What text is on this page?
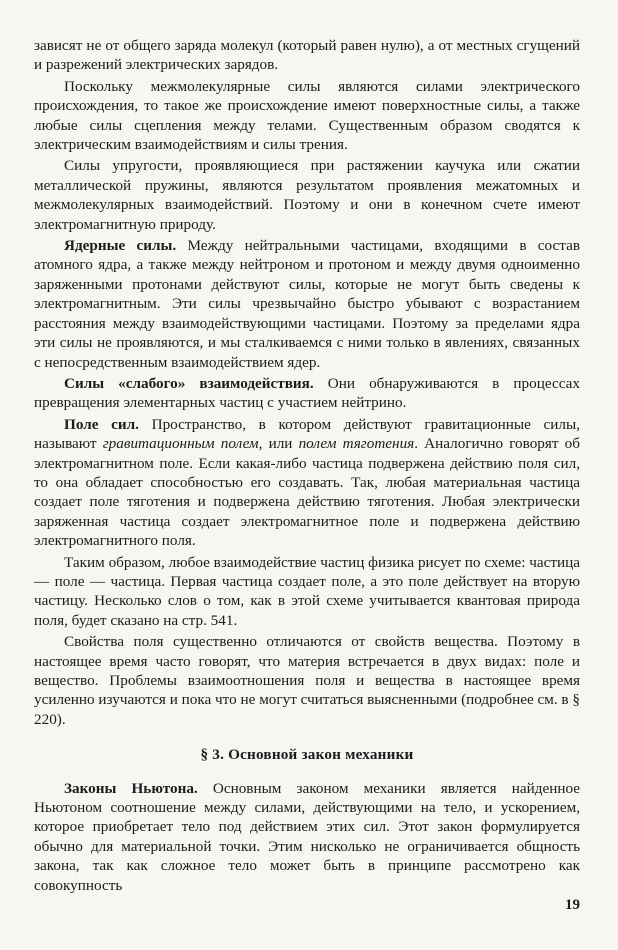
зависят не от общего заряда молекул (который равен нулю), а от местных сгущений и разрежений электрических зарядов.

Поскольку межмолекулярные силы являются силами электрического происхождения, то такое же происхождение имеют поверхностные силы, а также любые силы сцепления между телами. Существенным образом сводятся к электрическим взаимодействиям и силы трения.

Силы упругости, проявляющиеся при растяжении каучука или сжатии металлической пружины, являются результатом проявления межатомных и межмолекулярных взаимодействий. Поэтому и они в конечном счете имеют электромагнитную природу.

Ядерные силы. Между нейтральными частицами, входящими в состав атомного ядра, а также между нейтроном и протоном и между двумя одноименно заряженными протонами действуют силы, которые не могут быть сведены к электромагнитным. Эти силы чрезвычайно быстро убывают с возрастанием расстояния между взаимодействующими частицами. Поэтому за пределами ядра эти силы не проявляются, и мы сталкиваемся с ними только в явлениях, связанных с непосредственным взаимодействием ядер.

Силы «слабого» взаимодействия. Они обнаруживаются в процессах превращения элементарных частиц с участием нейтрино.

Поле сил. Пространство, в котором действуют гравитационные силы, называют гравитационным полем, или полем тяготения. Аналогично говорят об электромагнитном поле. Если какая-либо частица подвержена действию поля сил, то она обладает способностью его создавать. Так, любая материальная частица создает поле тяготения и подвержена действию тяготения. Любая электрически заряженная частица создает электромагнитное поле и подвержена действию электромагнитного поля.

Таким образом, любое взаимодействие частиц физика рисует по схеме: частица — поле — частица. Первая частица создает поле, а это поле действует на вторую частицу. Несколько слов о том, как в этой схеме учитывается квантовая природа поля, будет сказано на стр. 541.

Свойства поля существенно отличаются от свойств вещества. Поэтому в настоящее время часто говорят, что материя встречается в двух видах: поле и вещество. Проблемы взаимоотношения поля и вещества в настоящее время усиленно изучаются и пока что не могут считаться выясненными (подробнее см. в § 220).

§ 3. Основной закон механики

Законы Ньютона. Основным законом механики является найденное Ньютоном соотношение между силами, действующими на тело, и ускорением, которое приобретает тело под действием этих сил. Этот закон формулируется обычно для материальной точки. Этим нисколько не ограничивается общность закона, так как сложное тело может быть в принципе рассмотрено как совокупность

19
